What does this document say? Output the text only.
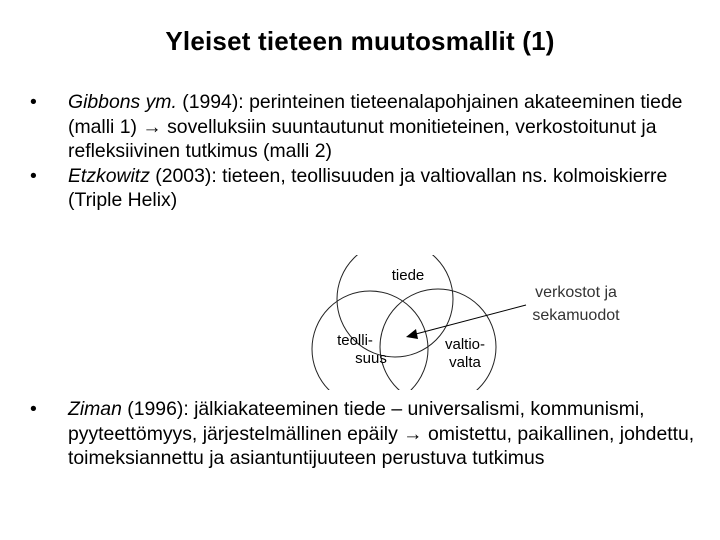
Yleiset tieteen muutosmallit (1)
•	Gibbons ym. (1994): perinteinen tieteenalapohjainen akateeminen tiede (malli 1) → sovelluksiin suuntautunut monitieteinen, verkostoitunut ja refleksiivinen tutkimus (malli 2)
•	Etzkowitz (2003): tieteen, teollisuuden ja valtiovallan ns. kolmoiskierre (Triple Helix)
tiede
teolli-
suus
valtio-
valta
verkostot ja
sekamuodot
•	Ziman (1996): jälkiakateeminen tiede – universalismi, kommunismi, pyyteettömyys, järjestelmällinen epäily → omistettu, paikallinen, johdettu, toimeksiannettu ja asiantuntijuuteen perustuva tutkimus
